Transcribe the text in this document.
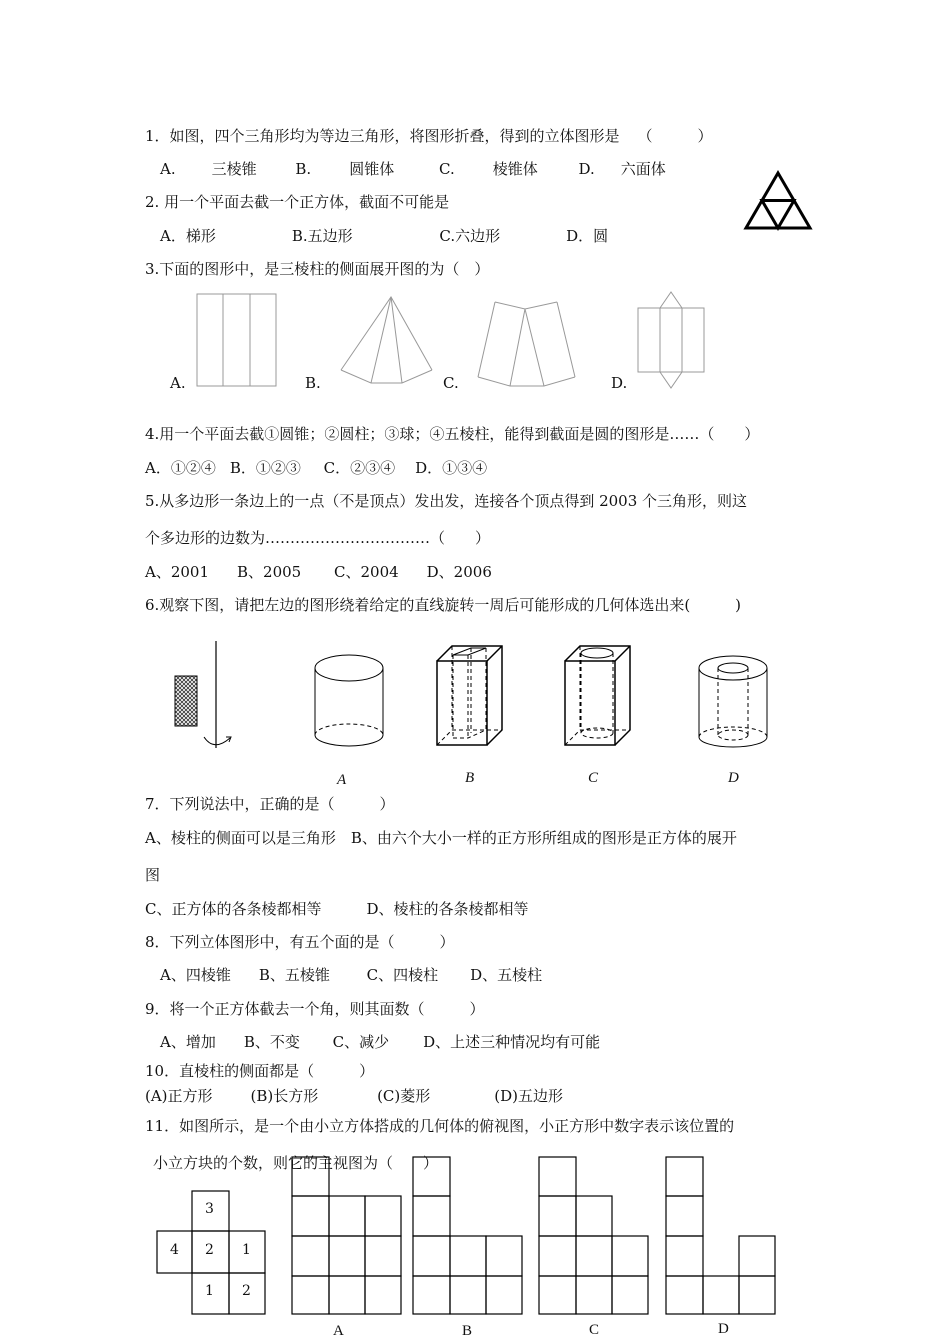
1．如图，四个三角形均为等边三角形，将图形折叠，得到的立体图形是 （　　　）
A. 三棱锥	B.	圆锥体	C.	棱锥体	D. 六面体
2. 用一个平面去截一个正方体，截面不可能是
A．梯形	B.五边形	C.六边形	D．圆
3.下面的图形中，是三棱柱的侧面展开图的为（　）
A.	B.	C.	D.
4.用一个平面去截①圆锥；②圆柱；③球；④五棱柱，能得到截面是圆的图形是……（　　）
A．①②④ B．①②③ C．②③④ D．①③④
5.从多边形一条边上的一点（不是顶点）发出发，连接各个顶点得到 2003 个三角形，则这
个多边形的边数为……………………………（　　）
A、2001 B、2005 C、2004 D、2006
6.观察下图，请把左边的图形绕着给定的直线旋转一周后可能形成的几何体选出来(　　　)
A	B	C	D
7．下列说法中，正确的是（　　　）
A、棱柱的侧面可以是三角形　B、由六个大小一样的正方形所组成的图形是正方体的展开
图
C、正方体的各条棱都相等　　　D、棱柱的各条棱都相等
8．下列立体图形中，有五个面的是（　　　）
A、四棱锥 B、五棱锥 C、四棱柱 D、五棱柱
9．将一个正方体截去一个角，则其面数（　　　）
A、增加 B、不变 C、减少 D、上述三种情况均有可能
10．直棱柱的侧面都是（　　　）
(A)正方形	(B)长方形	(C)菱形	(D)五边形
11．如图所示，是一个由小立方体搭成的几何体的俯视图，小正方形中数字表示该位置的
小立方块的个数，则它的主视图为（　　）
3
4 2 1
1 2
A	B	C	D
